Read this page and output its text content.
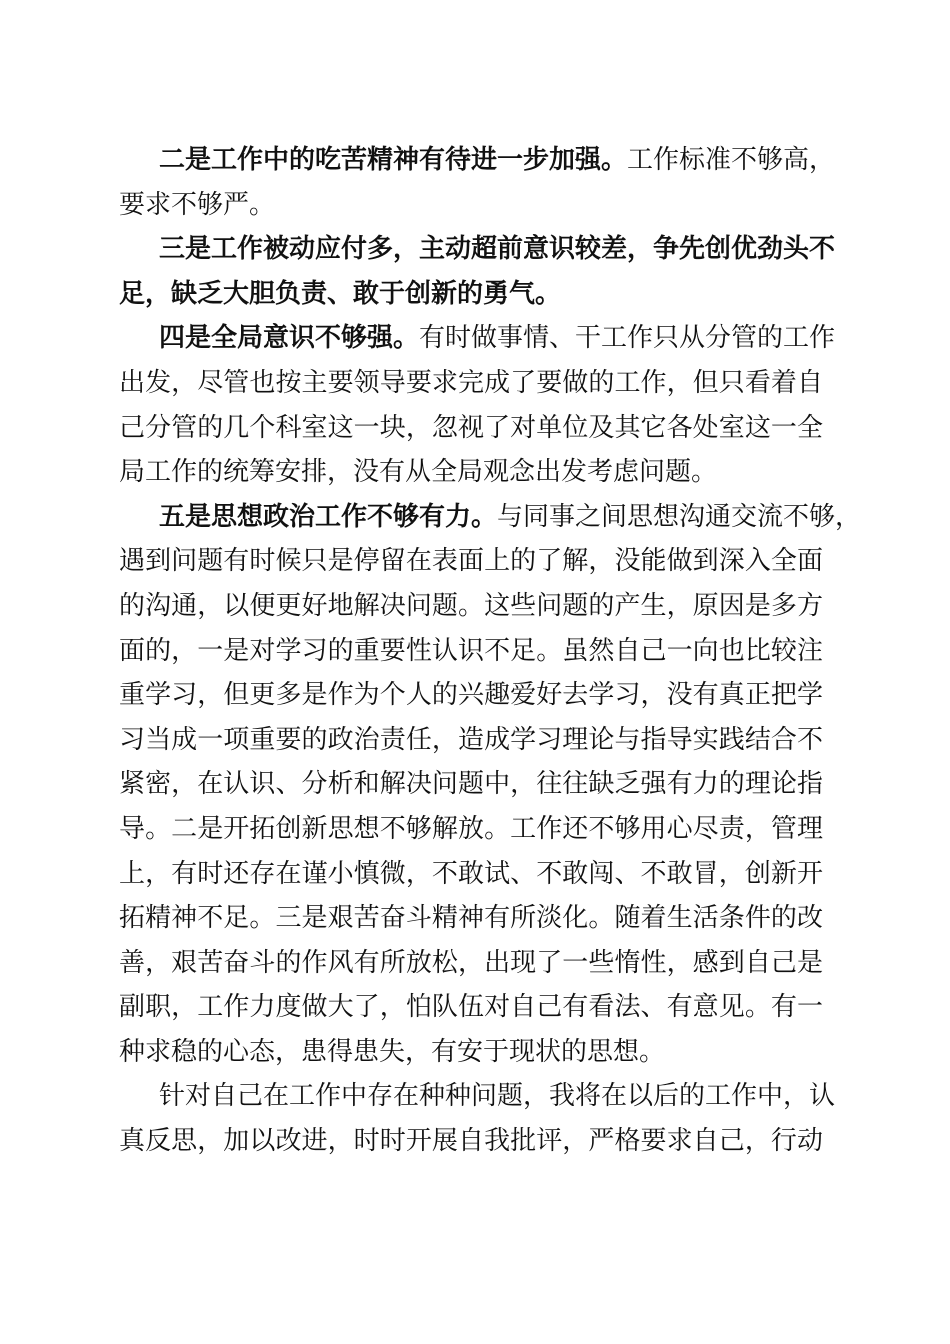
二是工作中的吃苦精神有待进一步加强。工作标准不够高，
要求不够严。
三是工作被动应付多，主动超前意识较差，争先创优劲头不
足，缺乏大胆负责、敢于创新的勇气。
四是全局意识不够强。有时做事情、干工作只从分管的工作
出发，尽管也按主要领导要求完成了要做的工作，但只看着自
己分管的几个科室这一块，忽视了对单位及其它各处室这一全
局工作的统筹安排，没有从全局观念出发考虑问题。
五是思想政治工作不够有力。与同事之间思想沟通交流不够，
遇到问题有时候只是停留在表面上的了解，没能做到深入全面
的沟通，以便更好地解决问题。这些问题的产生，原因是多方
面的，一是对学习的重要性认识不足。虽然自己一向也比较注
重学习，但更多是作为个人的兴趣爱好去学习，没有真正把学
习当成一项重要的政治责任，造成学习理论与指导实践结合不
紧密，在认识、分析和解决问题中，往往缺乏强有力的理论指
导。二是开拓创新思想不够解放。工作还不够用心尽责，管理
上，有时还存在谨小慎微，不敢试、不敢闯、不敢冒，创新开
拓精神不足。三是艰苦奋斗精神有所淡化。随着生活条件的改
善，艰苦奋斗的作风有所放松，出现了一些惰性，感到自己是
副职，工作力度做大了，怕队伍对自己有看法、有意见。有一
种求稳的心态，患得患失，有安于现状的思想。
针对自己在工作中存在种种问题，我将在以后的工作中，认
真反思，加以改进，时时开展自我批评，严格要求自己，行动
